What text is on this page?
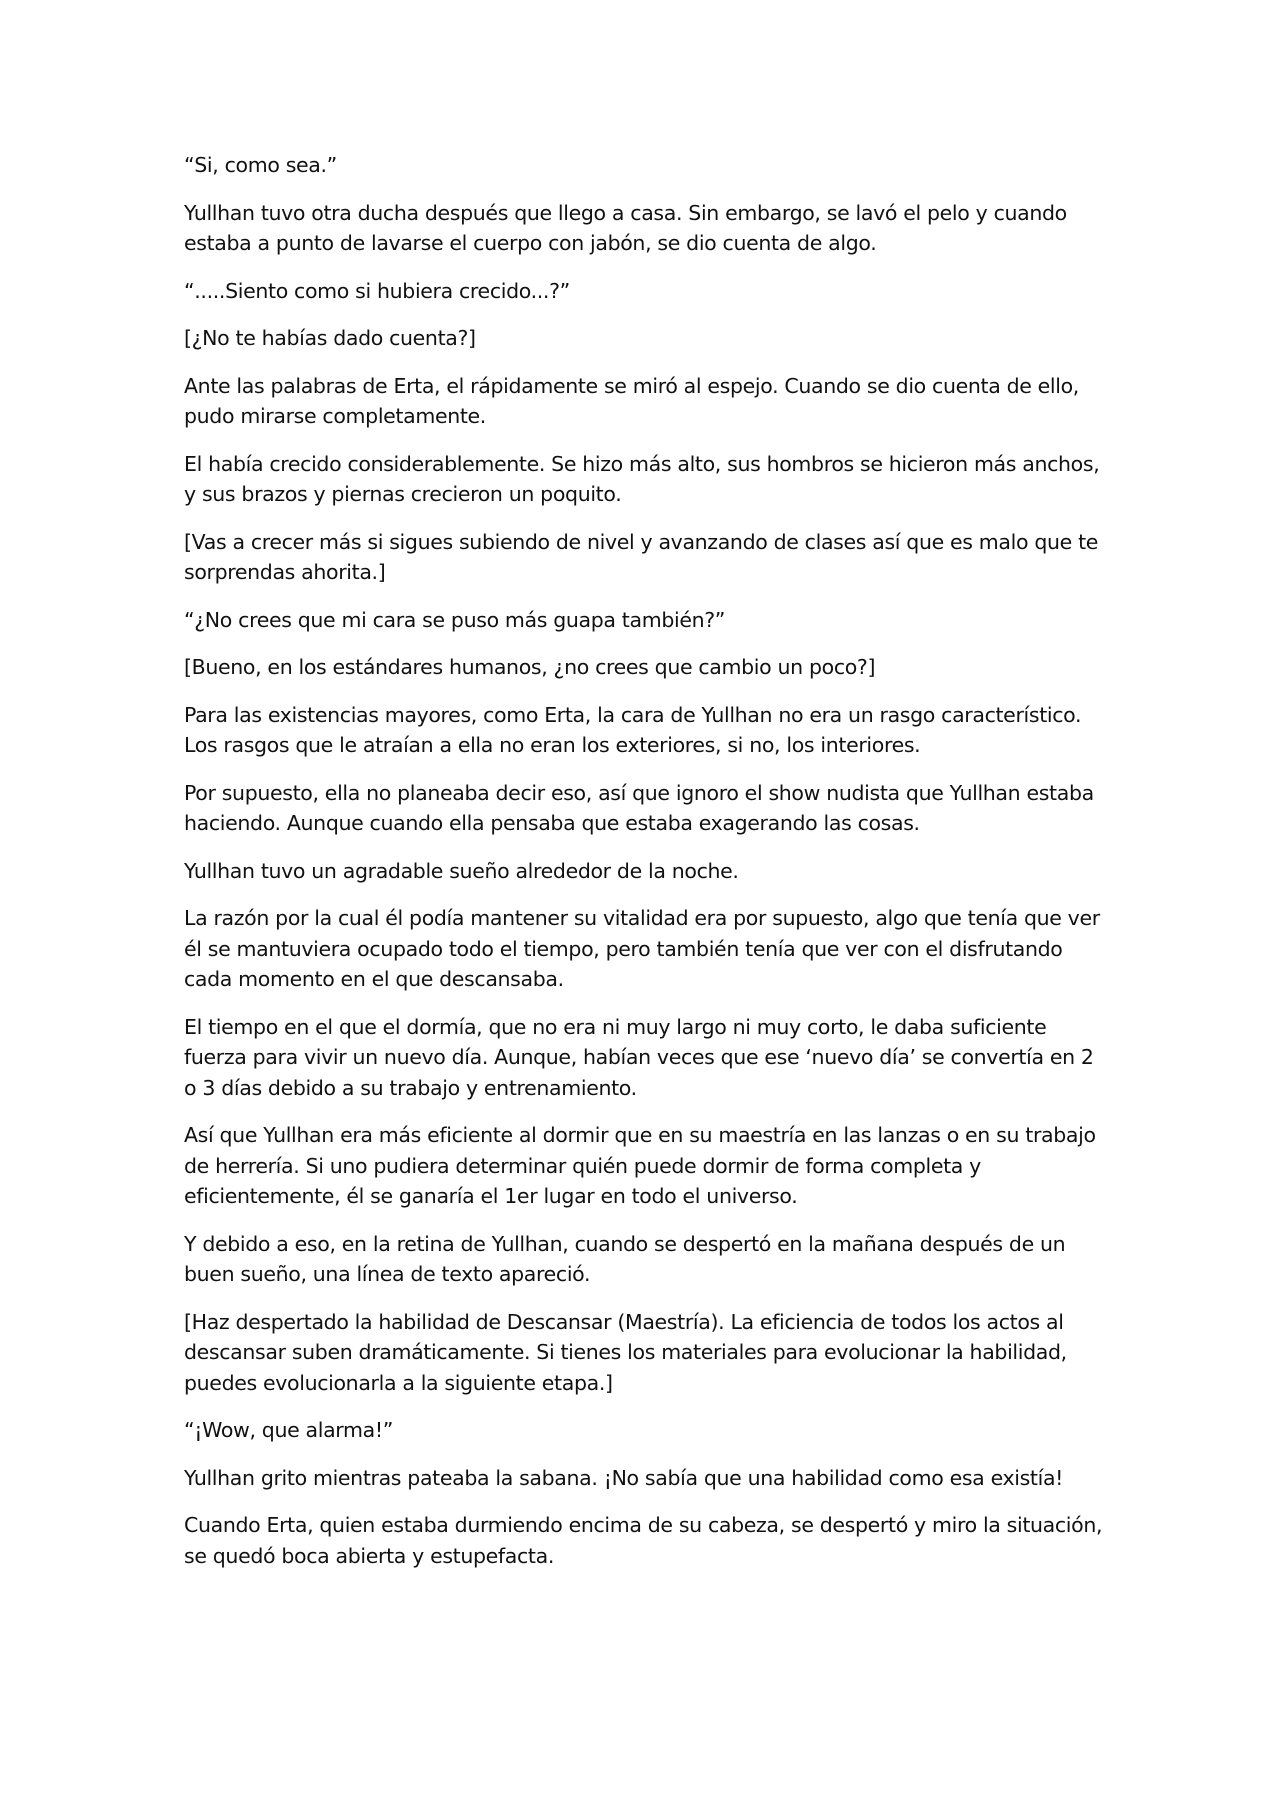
“Si, como sea.”

Yullhan tuvo otra ducha después que llego a casa. Sin embargo, se lavó el pelo y cuando estaba a punto de lavarse el cuerpo con jabón, se dio cuenta de algo.

“.....Siento como si hubiera crecido...?”

[¿No te habías dado cuenta?]

Ante las palabras de Erta, el rápidamente se miró al espejo. Cuando se dio cuenta de ello, pudo mirarse completamente.

El había crecido considerablemente. Se hizo más alto, sus hombros se hicieron más anchos, y sus brazos y piernas crecieron un poquito.

[Vas a crecer más si sigues subiendo de nivel y avanzando de clases así que es malo que te sorprendas ahorita.]

“¿No crees que mi cara se puso más guapa también?”

[Bueno, en los estándares humanos, ¿no crees que cambio un poco?]

Para las existencias mayores, como Erta, la cara de Yullhan no era un rasgo característico. Los rasgos que le atraían a ella no eran los exteriores, si no, los interiores.

Por supuesto, ella no planeaba decir eso, así que ignoro el show nudista que Yullhan estaba haciendo. Aunque cuando ella pensaba que estaba exagerando las cosas.

Yullhan tuvo un agradable sueño alrededor de la noche.

La razón por la cual él podía mantener su vitalidad era por supuesto, algo que tenía que ver él se mantuviera ocupado todo el tiempo, pero también tenía que ver con el disfrutando cada momento en el que descansaba.

El tiempo en el que el dormía, que no era ni muy largo ni muy corto, le daba suficiente fuerza para vivir un nuevo día. Aunque, habían veces que ese ‘nuevo día’ se convertía en 2 o 3 días debido a su trabajo y entrenamiento.

Así que Yullhan era más eficiente al dormir que en su maestría en las lanzas o en su trabajo de herrería. Si uno pudiera determinar quién puede dormir de forma completa y eficientemente, él se ganaría el 1er lugar en todo el universo.

Y debido a eso, en la retina de Yullhan, cuando se despertó en la mañana después de un buen sueño, una línea de texto apareció.

[Haz despertado la habilidad de Descansar (Maestría). La eficiencia de todos los actos al descansar suben dramáticamente. Si tienes los materiales para evolucionar la habilidad, puedes evolucionarla a la siguiente etapa.]

“¡Wow, que alarma!”

Yullhan grito mientras pateaba la sabana. ¡No sabía que una habilidad como esa existía!

Cuando Erta, quien estaba durmiendo encima de su cabeza, se despertó y miro la situación, se quedó boca abierta y estupefacta.
